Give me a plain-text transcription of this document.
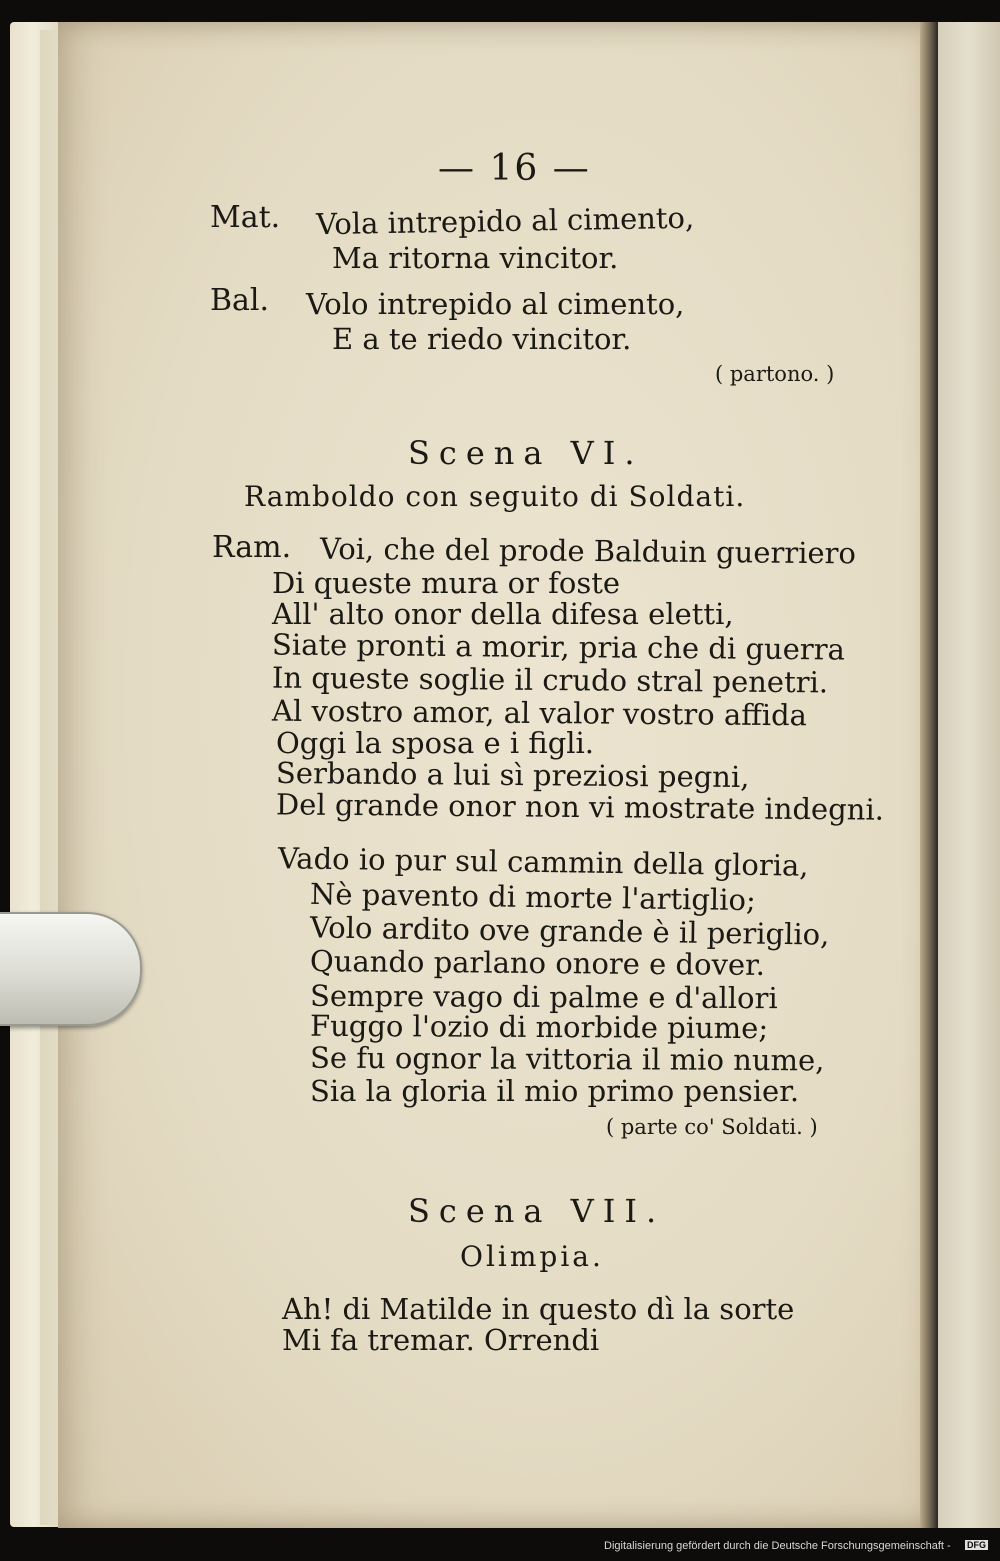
— 16 —
Mat. Vola intrepido al cimento,
Ma ritorna vincitor.
Bal. Volo intrepido al cimento,
E a te riedo vincitor.
( partono. )
Scena VI.
Ramboldo con seguito di Soldati.
Ram. Voi, che del prode Balduin guerriero
Di queste mura or foste
All' alto onor della difesa eletti,
Siate pronti a morir, pria che di guerra
In queste soglie il crudo stral penetri.
Al vostro amor, al valor vostro affida
Oggi la sposa e i figli.
Serbando a lui sì preziosi pegni,
Del grande onor non vi mostrate indegni.
Vado io pur sul cammin della gloria,
Nè pavento di morte l'artiglio;
Volo ardito ove grande è il periglio,
Quando parlano onore e dover.
Sempre vago di palme e d'allori
Fuggo l'ozio di morbide piume;
Se fu ognor la vittoria il mio nume,
Sia la gloria il mio primo pensier.
( parte co' Soldati. )
Scena VII.
Olimpia.
Ah! di Matilde in questo dì la sorte
Mi fa tremar. Orrendi
Digitalisierung gefördert durch die Deutsche Forschungsgemeinschaft - DFG
